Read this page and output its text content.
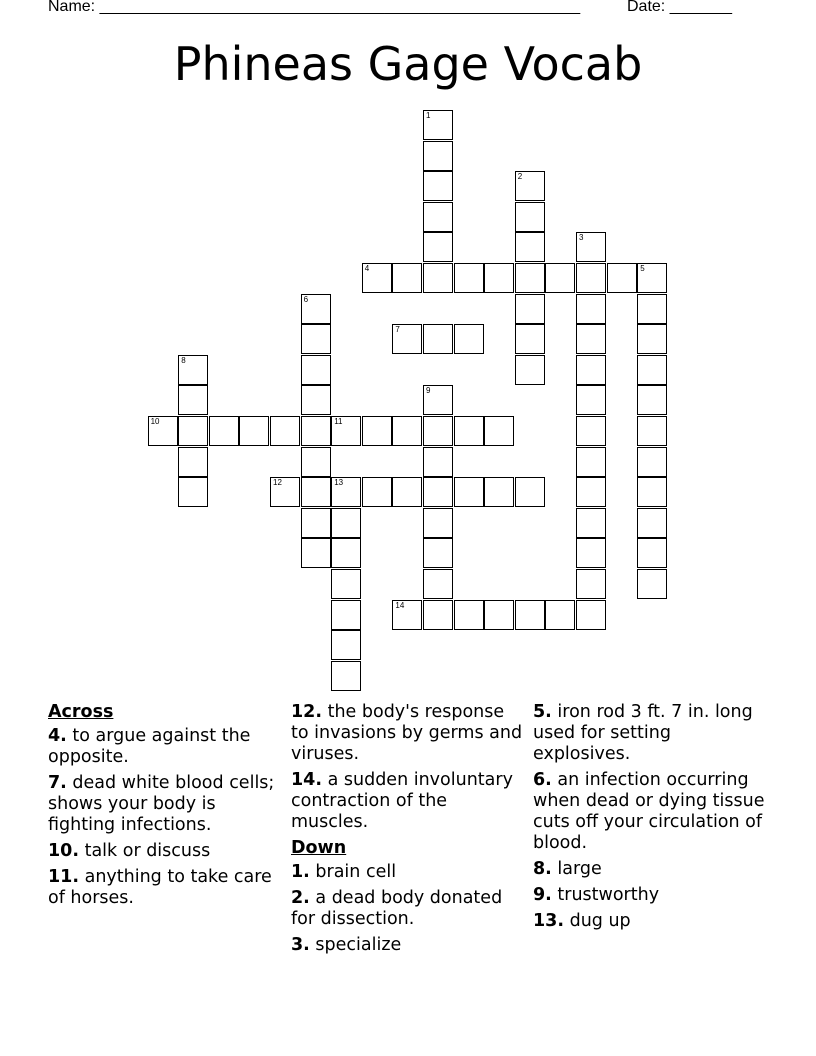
Name: ______________________________________________________	Date: _______
Phineas Gage Vocab
1
2
3
4	5
6
7
8
9
10	11
12	13
14
Across
4. to argue against the opposite.
7. dead white blood cells; shows your body is fighting infections.
10. talk or discuss
11. anything to take care of horses.
12. the body's response to invasions by germs and viruses.
14. a sudden involuntary contraction of the muscles.
Down
1. brain cell
2. a dead body donated for dissection.
3. specialize
5. iron rod 3 ft. 7 in. long used for setting explosives.
6. an infection occurring when dead or dying tissue cuts off your circulation of blood.
8. large
9. trustworthy
13. dug up
